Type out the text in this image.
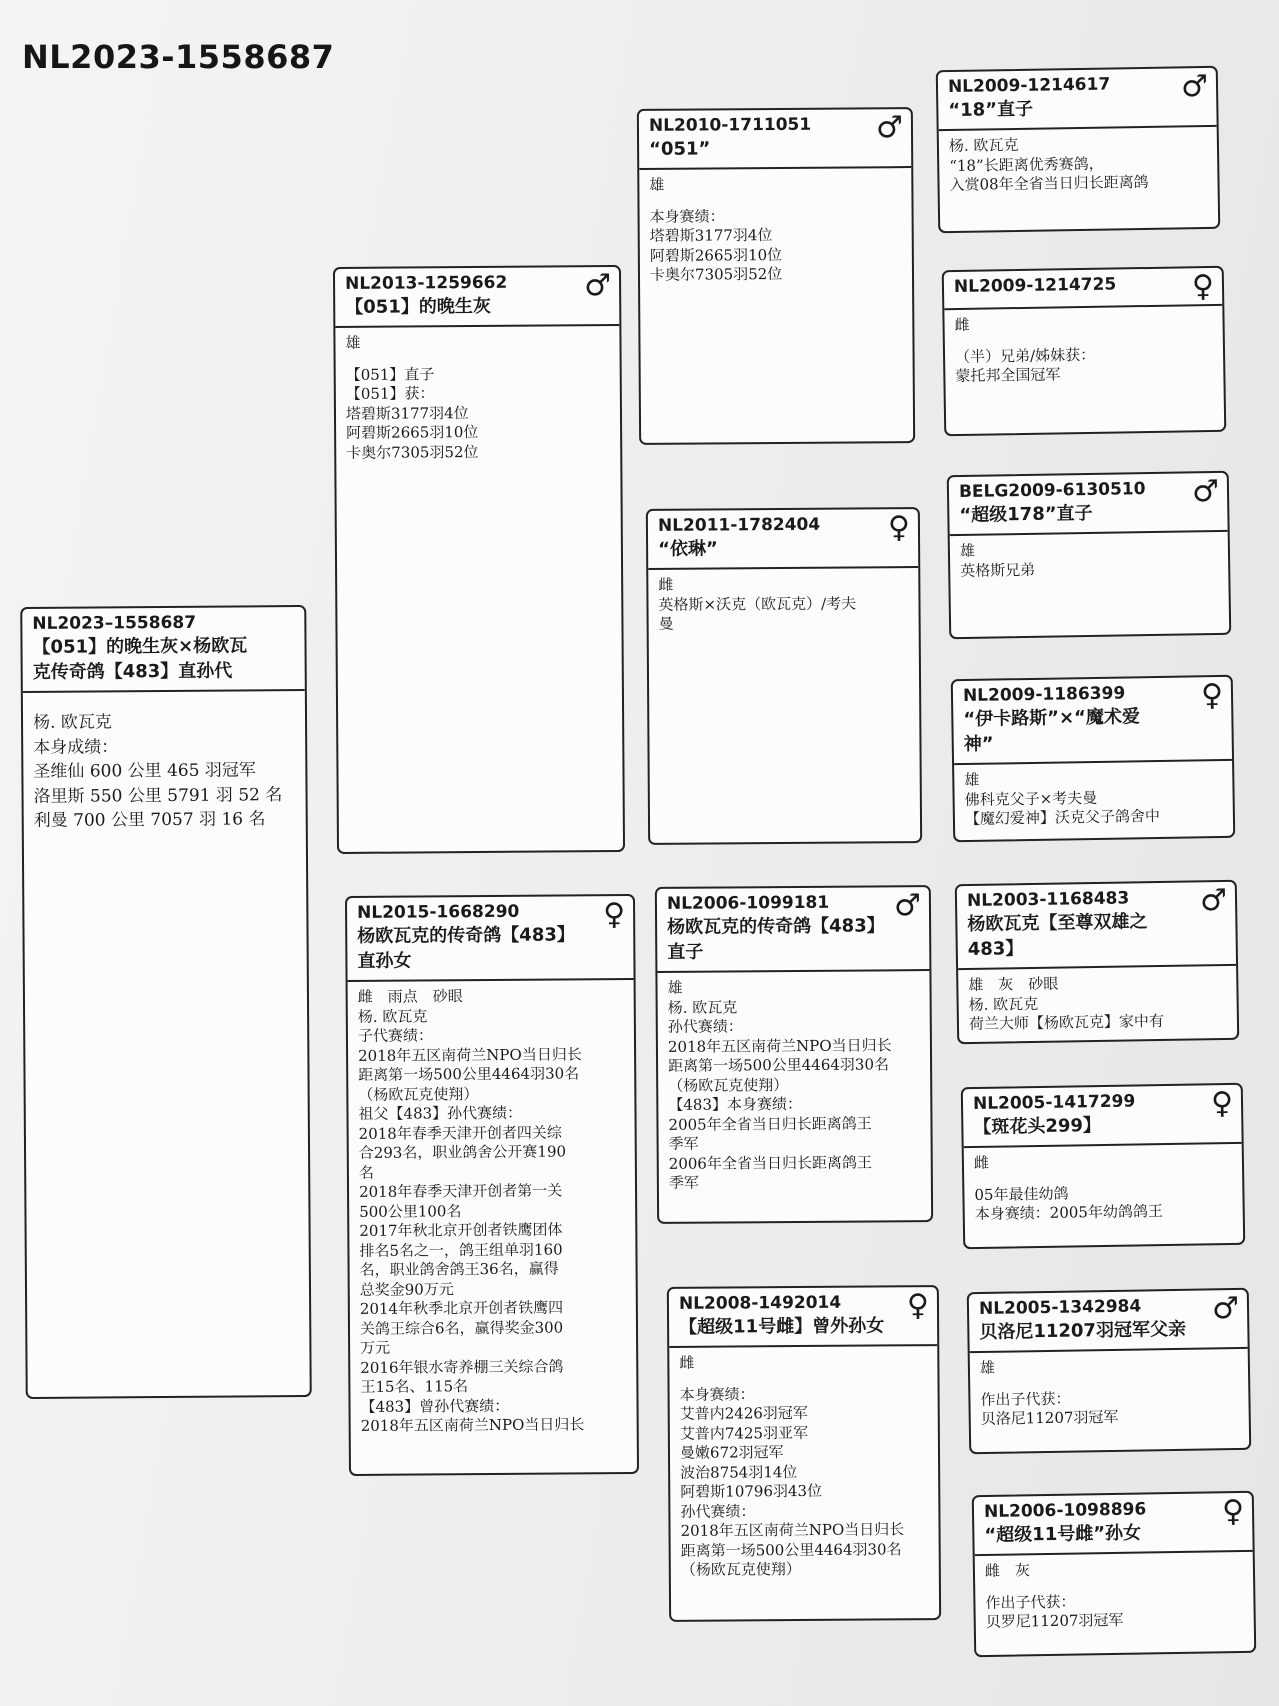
NL2023-1558687
NL2023–1558687
【051】的晚生灰×杨欧瓦
克传奇鸽【483】直孙代
杨. 欧瓦克
本身成绩：
圣维仙 600 公里 465 羽冠军
洛里斯 550 公里 5791 羽 52 名
利曼 700 公里 7057 羽 16 名
NL2013-1259662
【051】的晚生灰
♂
雄
【051】直子
【051】获：
塔碧斯3177羽4位
阿碧斯2665羽10位
卡奥尔7305羽52位
NL2015-1668290
杨欧瓦克的传奇鸽【483】
直孙女
♀
雌　雨点　砂眼
杨. 欧瓦克
子代赛绩：
2018年五区南荷兰NPO当日归长
距离第一场500公里4464羽30名
（杨欧瓦克使翔）
祖父【483】孙代赛绩：
2018年春季天津开创者四关综
合293名，职业鸽舍公开赛190
名
2018年春季天津开创者第一关
500公里100名
2017年秋北京开创者铁鹰团体
排名5名之一，鸽王组单羽160
名，职业鸽舍鸽王36名，赢得
总奖金90万元
2014年秋季北京开创者铁鹰四
关鸽王综合6名，赢得奖金300
万元
2016年银水寄养棚三关综合鸽
王15名、115名
【483】曾孙代赛绩：
2018年五区南荷兰NPO当日归长
NL2010-1711051
“051”
♂
雄
本身赛绩：
塔碧斯3177羽4位
阿碧斯2665羽10位
卡奥尔7305羽52位
NL2011-1782404
“依琳”
♀
雌
英格斯×沃克（欧瓦克）/考夫
曼
NL2006-1099181
杨欧瓦克的传奇鸽【483】
直子
♂
雄
杨. 欧瓦克
孙代赛绩：
2018年五区南荷兰NPO当日归长
距离第一场500公里4464羽30名
（杨欧瓦克使翔）
【483】本身赛绩：
2005年全省当日归长距离鸽王
季军
2006年全省当日归长距离鸽王
季军
NL2008-1492014
【超级11号雌】曾外孙女
♀
雌
本身赛绩：
艾普内2426羽冠军
艾普内7425羽亚军
曼嫩672羽冠军
波治8754羽14位
阿碧斯10796羽43位
孙代赛绩：
2018年五区南荷兰NPO当日归长
距离第一场500公里4464羽30名
（杨欧瓦克使翔）
NL2009-1214617
“18”直子
♂
杨. 欧瓦克
“18”长距离优秀赛鸽，
入赏08年全省当日归长距离鸽
NL2009-1214725	♀
雌
（半）兄弟/姊妹获：
蒙托邦全国冠军
BELG2009-6130510
“超级178”直子
♂
雄
英格斯兄弟
NL2009-1186399
“伊卡路斯”×“魔术爱
神”
♀
雄
佛科克父子×考夫曼
【魔幻爱神】沃克父子鸽舍中
NL2003-1168483
杨欧瓦克【至尊双雄之
483】
♂
雄　灰　砂眼
杨. 欧瓦克
荷兰大师【杨欧瓦克】家中有
NL2005-1417299
【斑花头299】
♀
雌
05年最佳幼鸽
本身赛绩：2005年幼鸽鸽王
NL2005-1342984
贝洛尼11207羽冠军父亲
♂
雄
作出子代获：
贝洛尼11207羽冠军
NL2006-1098896
“超级11号雌”孙女
♀
雌　灰
作出子代获：
贝罗尼11207羽冠军
